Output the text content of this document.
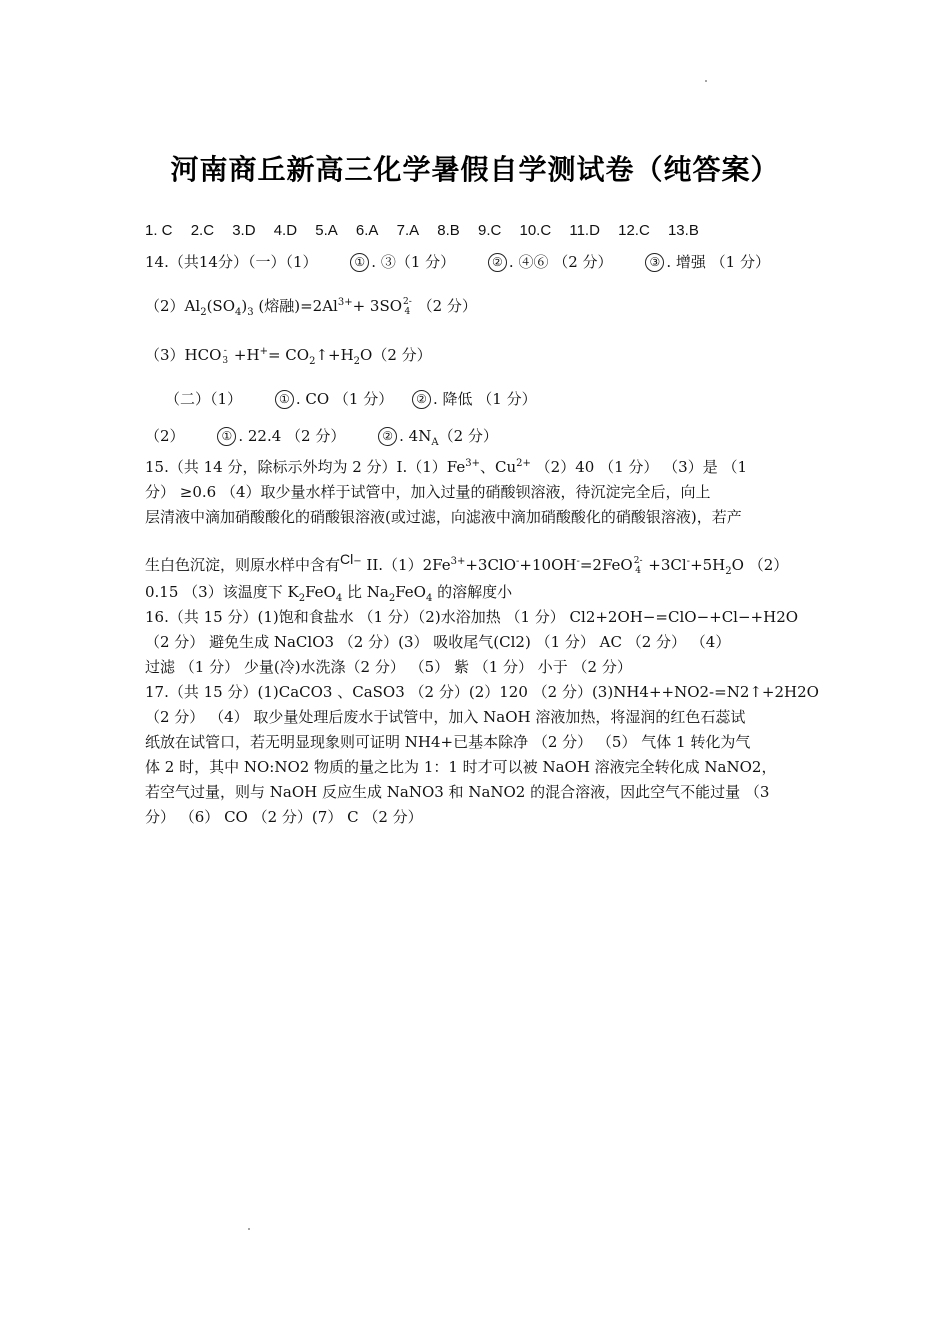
河南商丘新高三化学暑假自学测试卷（纯答案）
1. C 2.C 3.D 4.D 5.A 6.A 7.A 8.B 9.C 10.C 11.D 12.C 13.B
14.（共14分）（一）（1）	① . ③（1 分）	② . ④⑥ （2 分）	③ . 增强 （1 分）
$(2)Al_2(SO_4)_3$ (熔融)$=2Al^{3+}+ 3SO$ 2-
4 （2 分）
（3）HCO -
$3 +H^+= CO_2↑+H_2O(2$ 分）
（二）（1）	① . CO （1 分） ② . 降低 （1 分）
（2）	① . 22.4 （2 分）	② . $4N_A(2$ 分）
15.（共 14 分，除标示外均为 2 分）$I.(1)Fe^{3+}$、$Cu^{2+}$ （2）40 （1 分） （3）是 （1
分） ≥0.6 （4）取少量水样于试管中，加入过量的硝酸钡溶液，待沉淀完全后，向上
层清液中滴加硝酸酸化的硝酸银溶液(或过滤，向滤液中滴加硝酸酸化的硝酸银溶液)，若产
生白色沉淀，则原水样中含有Cl− $II.(1)2Fe^{3+}+3ClO^-+10OH^-=2FeO$ 2-
$4 +3Cl^-+5H_2O$ （2）
0.15 （3）该温度下 $K_2FeO_4$ 比 $Na_2FeO_4$ 的溶解度小
16.（共 15 分）(1)饱和食盐水 （1 分）（2)水浴加热 （1 分） Cl2+2OH−=ClO−+Cl−+H2O
（2 分） 避免生成 NaClO3 （2 分）(3） 吸收尾气(Cl2) （1 分） AC （2 分） （4）
过滤 （1 分） 少量(冷)水洗涤（2 分） （5） 紫 （1 分） 小于 （2 分）
17.（共 15 分）(1)CaCO3 、CaSO3 （2 分）(2）120 （2 分）(3)NH4++NO2-=N2↑+2H2O
（2 分） （4） 取少量处理后废水于试管中，加入 NaOH 溶液加热，将湿润的红色石蕊试
纸放在试管口，若无明显现象则可证明 NH4+已基本除净 （2 分） （5） 气体 1 转化为气
体 2 时，其中 NO:NO2 物质的量之比为 1：1 时才可以被 NaOH 溶液完全转化成 NaNO2，
若空气过量，则与 NaOH 反应生成 NaNO3 和 NaNO2 的混合溶液，因此空气不能过量 （3
分） （6） CO （2 分）(7） C （2 分）
